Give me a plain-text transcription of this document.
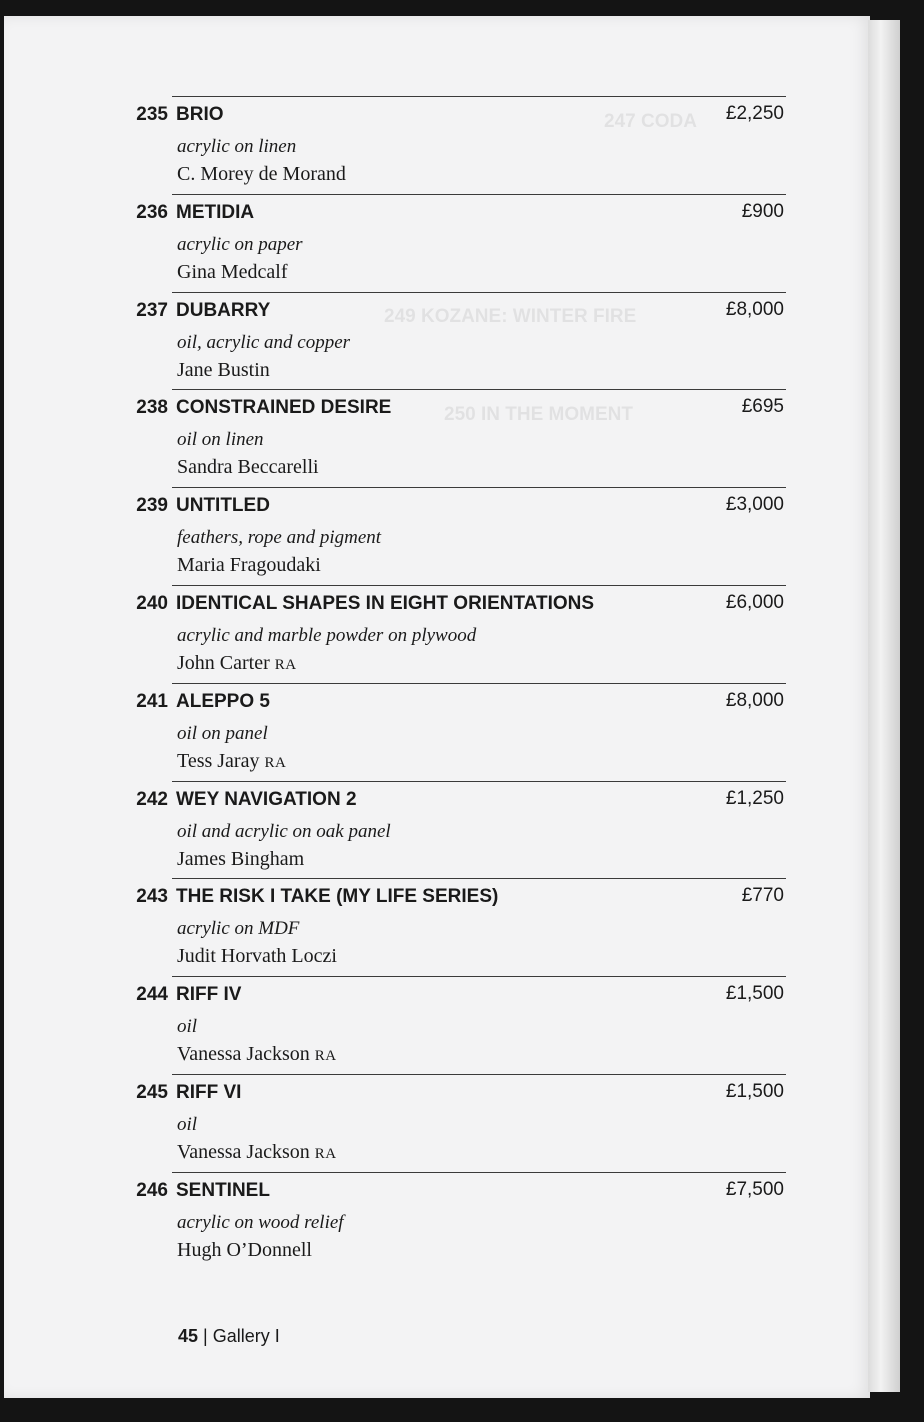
247 CODA
249 KOZANE: WINTER FIRE
250 IN THE MOMENT
235 BRIO	£2,250
acrylic on linen
C. Morey de Morand
236 METIDIA	£900
acrylic on paper
Gina Medcalf
237 DUBARRY	£8,000
oil, acrylic and copper
Jane Bustin
238 CONSTRAINED DESIRE	£695
oil on linen
Sandra Beccarelli
239 UNTITLED	£3,000
feathers, rope and pigment
Maria Fragoudaki
240 IDENTICAL SHAPES IN EIGHT ORIENTATIONS	£6,000
acrylic and marble powder on plywood
John Carter RA
241 ALEPPO 5	£8,000
oil on panel
Tess Jaray RA
242 WEY NAVIGATION 2	£1,250
oil and acrylic on oak panel
James Bingham
243 THE RISK I TAKE (MY LIFE SERIES)	£770
acrylic on MDF
Judit Horvath Loczi
244 RIFF IV	£1,500
oil
Vanessa Jackson RA
245 RIFF VI	£1,500
oil
Vanessa Jackson RA
246 SENTINEL	£7,500
acrylic on wood relief
Hugh O’Donnell
45 | Gallery I
